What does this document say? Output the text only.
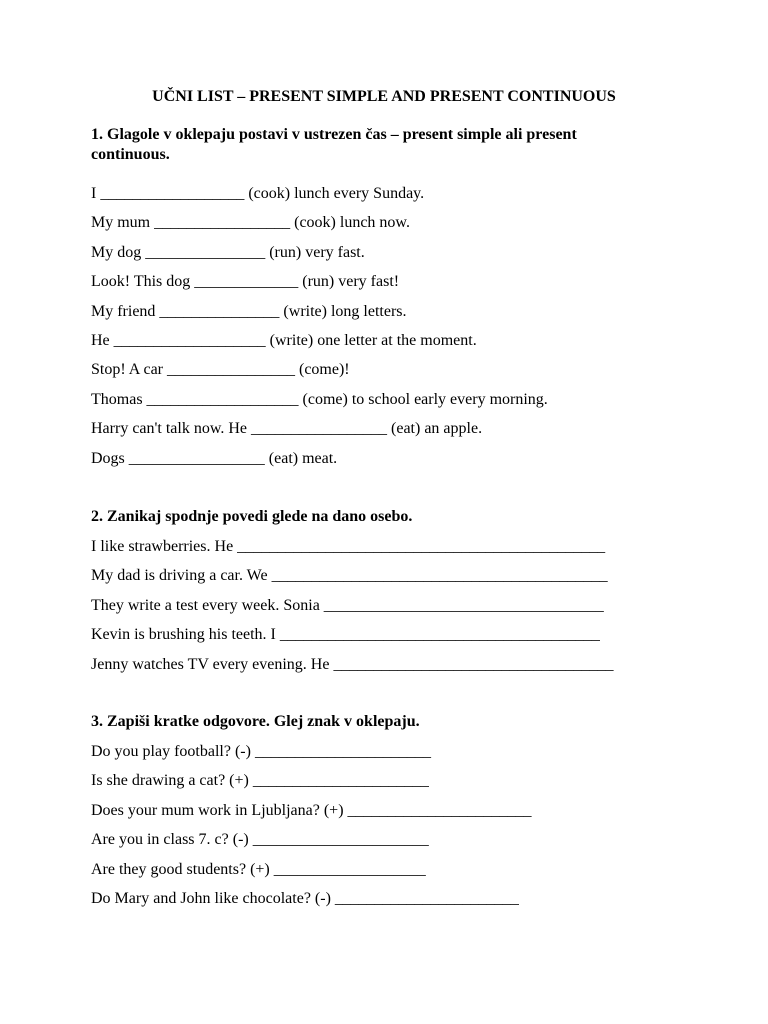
UČNI LIST – PRESENT SIMPLE AND PRESENT CONTINUOUS
1. Glagole v oklepaju postavi v ustrezen čas – present simple ali present
continuous.
I __________________ (cook) lunch every Sunday.
My mum _________________ (cook) lunch now.
My dog _______________ (run) very fast.
Look! This dog _____________ (run) very fast!
My friend _______________ (write) long letters.
He ___________________ (write) one letter at the moment.
Stop! A car ________________ (come)!
Thomas ___________________ (come) to school early every morning.
Harry can't talk now. He _________________ (eat) an apple.
Dogs _________________ (eat) meat.
2. Zanikaj spodnje povedi glede na dano osebo.
I like strawberries. He ______________________________________________
My dad is driving a car. We __________________________________________
They write a test every week. Sonia ___________________________________
Kevin is brushing his teeth. I ________________________________________
Jenny watches TV every evening. He ___________________________________
3. Zapiši kratke odgovore. Glej znak v oklepaju.
Do you play football? (-) ______________________
Is she drawing a cat? (+) ______________________
Does your mum work in Ljubljana? (+) _______________________
Are you in class 7. c? (-) ______________________
Are they good students? (+) ___________________
Do Mary and John like chocolate? (-) _______________________
